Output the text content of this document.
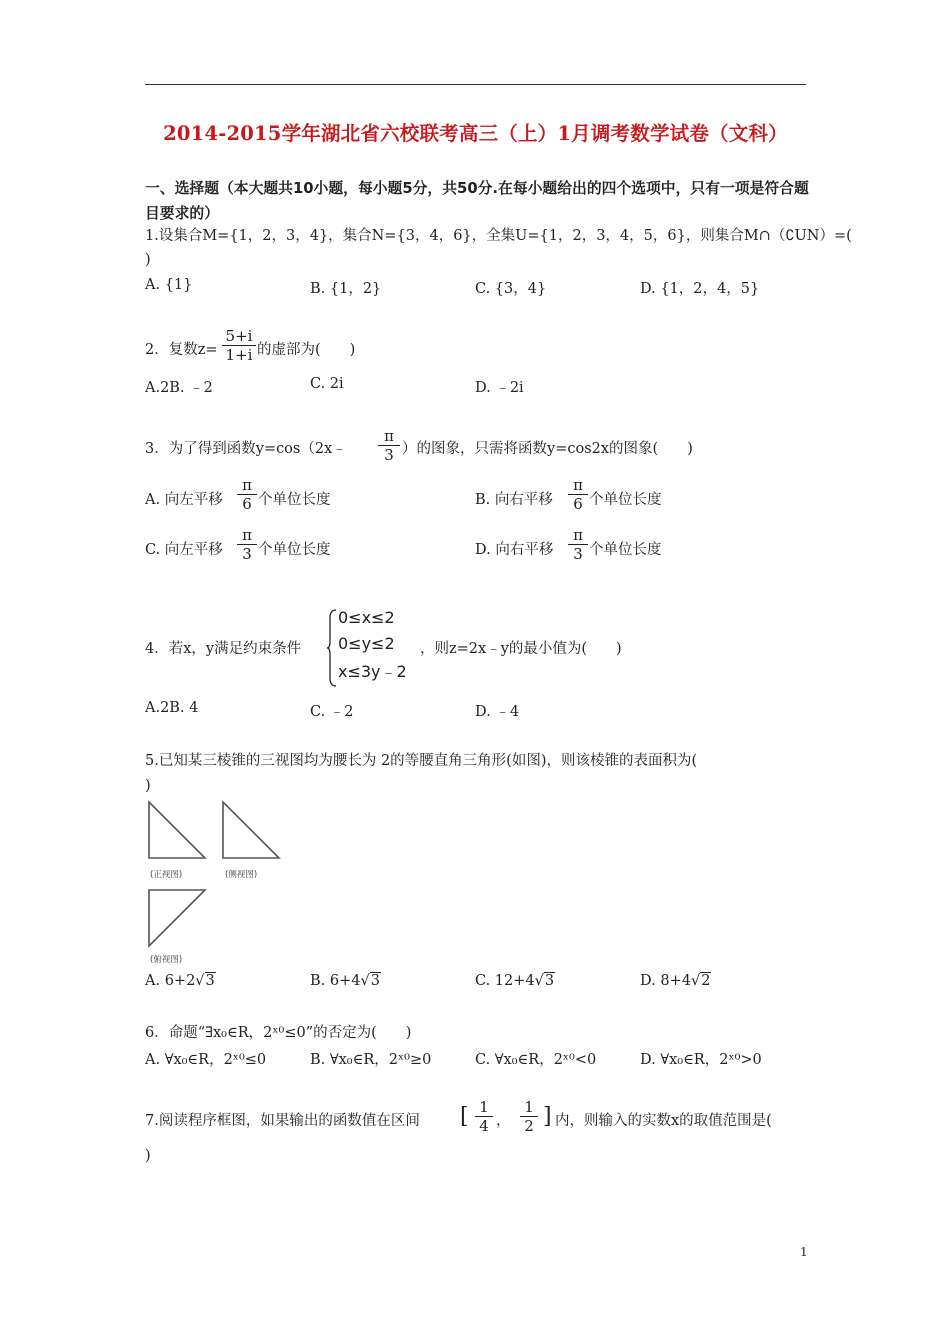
2014-2015学年湖北省六校联考高三（上）1月调考数学试卷（文科）
一、选择题（本大题共10小题，每小题5分，共50分.在每小题给出的四个选项中，只有一项是符合题目要求的）
1.设集合M={1，2，3，4}，集合N={3，4，6}，全集U={1，2，3，4，5，6}，则集合M∩（∁UN）=(
)
A. {1}	B. {1，2}	C. {3，4}	D. {1，2，4，5}
2．复数z=
5+i
1+i 的虚部为(　　)
A.2B. ﹣2	C. 2i	D. ﹣2i
3．为了得到函数y=cos（2x﹣
π
3 ）的图象，只需将函数y=cos2x的图象(　　)
A. 向左平移
π
6 个单位长度	B. 向右平移
π
6 个单位长度
C. 向左平移
π
3 个单位长度	D. 向右平移
π
3 个单位长度
4．若x，y满足约束条件
0≤x≤2
0≤y≤2
x≤3y﹣2
，则z=2x﹣y的最小值为(　　)
A.2B. 4	C. ﹣2	D. ﹣4
5.已知某三棱锥的三视图均为腰长为 2的等腰直角三角形(如图)，则该棱锥的表面积为(
)
(正视图)	(侧视图)
(俯视图)
A. 6+2√3	B. 6+4√3	C. 12+4√3	D. 8+4√2
6．命题“∃x₀∈R，2ˣ⁰≤0”的否定为(　　)
A. ∀x₀∈R，2ˣ⁰≤0	B. ∀x₀∈R，2ˣ⁰≥0	C. ∀x₀∈R，2ˣ⁰<0	D. ∀x₀∈R，2ˣ⁰>0
7.阅读程序框图，如果输出的函数值在区间 [ 1
4 ，
1
2 ] 内，则输入的实数x的取值范围是(
)
1
